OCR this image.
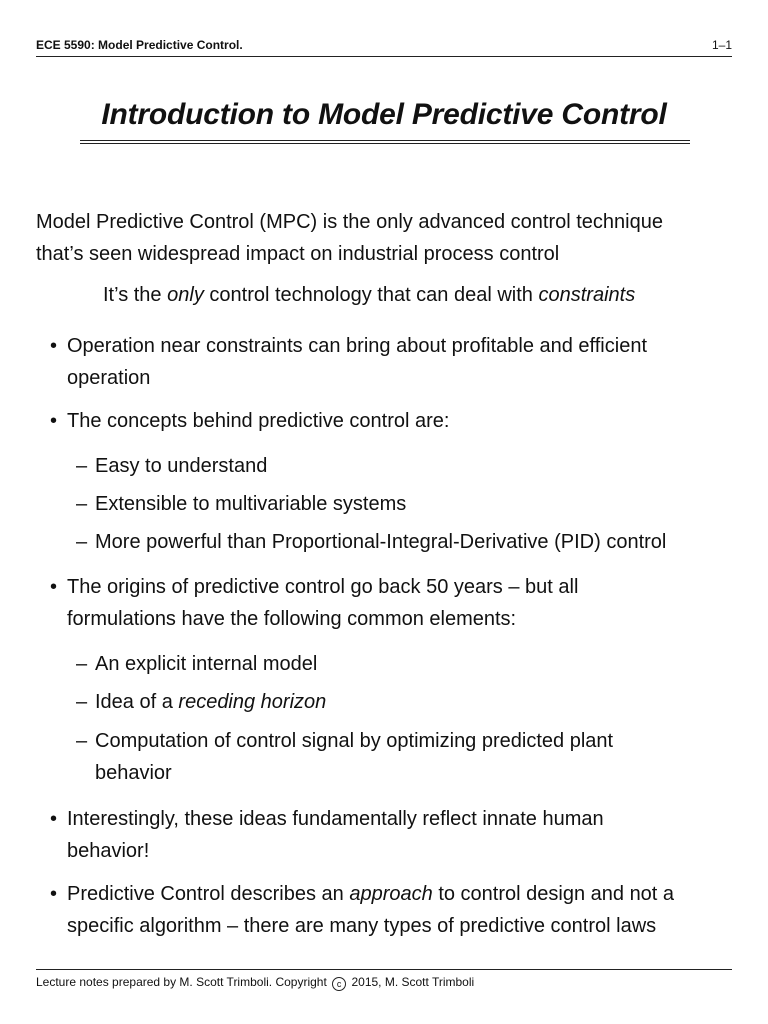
ECE 5590: Model Predictive Control.	1–1
Introduction to Model Predictive Control
Model Predictive Control (MPC) is the only advanced control technique
that’s seen widespread impact on industrial process control
It’s the only control technology that can deal with constraints
• Operation near constraints can bring about profitable and efficient
operation
• The concepts behind predictive control are:
– Easy to understand
– Extensible to multivariable systems
– More powerful than Proportional-Integral-Derivative (PID) control
• The origins of predictive control go back 50 years – but all
formulations have the following common elements:
– An explicit internal model
– Idea of a receding horizon
– Computation of control signal by optimizing predicted plant
behavior
• Interestingly, these ideas fundamentally reflect innate human
behavior!
• Predictive Control describes an approach to control design and not a
specific algorithm – there are many types of predictive control laws
Lecture notes prepared by M. Scott Trimboli. Copyright c 2015, M. Scott Trimboli
